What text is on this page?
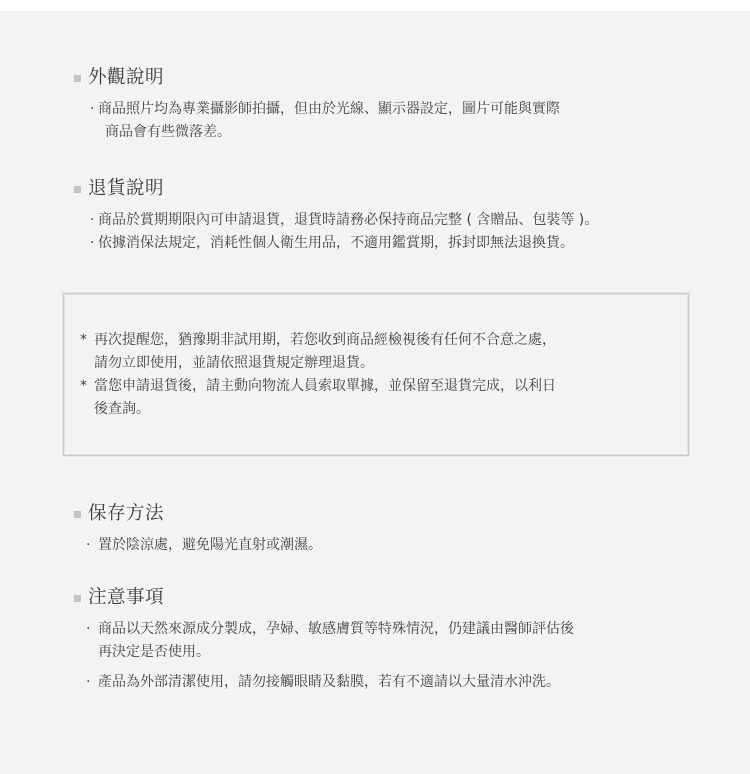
外觀說明
· 商品照片均為專業攝影師拍攝，但由於光線、顯示器設定，圖片可能與實際
商品會有些微落差。
退貨說明
· 商品於賞期期限內可申請退貨，退貨時請務必保持商品完整 ( 含贈品、包裝等 )。
· 依據消保法規定，消耗性個人衛生用品，不適用鑑賞期，拆封即無法退換貨。
* 再次提醒您，猶豫期非試用期，若您收到商品經檢視後有任何不合意之處，
請勿立即使用，並請依照退貨規定辦理退貨。
* 當您申請退貨後，請主動向物流人員索取單據，並保留至退貨完成，以利日
後查詢。
保存方法
· 置於陰涼處，避免陽光直射或潮濕。
注意事項
· 商品以天然來源成分製成，孕婦、敏感膚質等特殊情況，仍建議由醫師評估後
再決定是否使用。
· 產品為外部清潔使用，請勿接觸眼睛及黏膜，若有不適請以大量清水沖洗。
